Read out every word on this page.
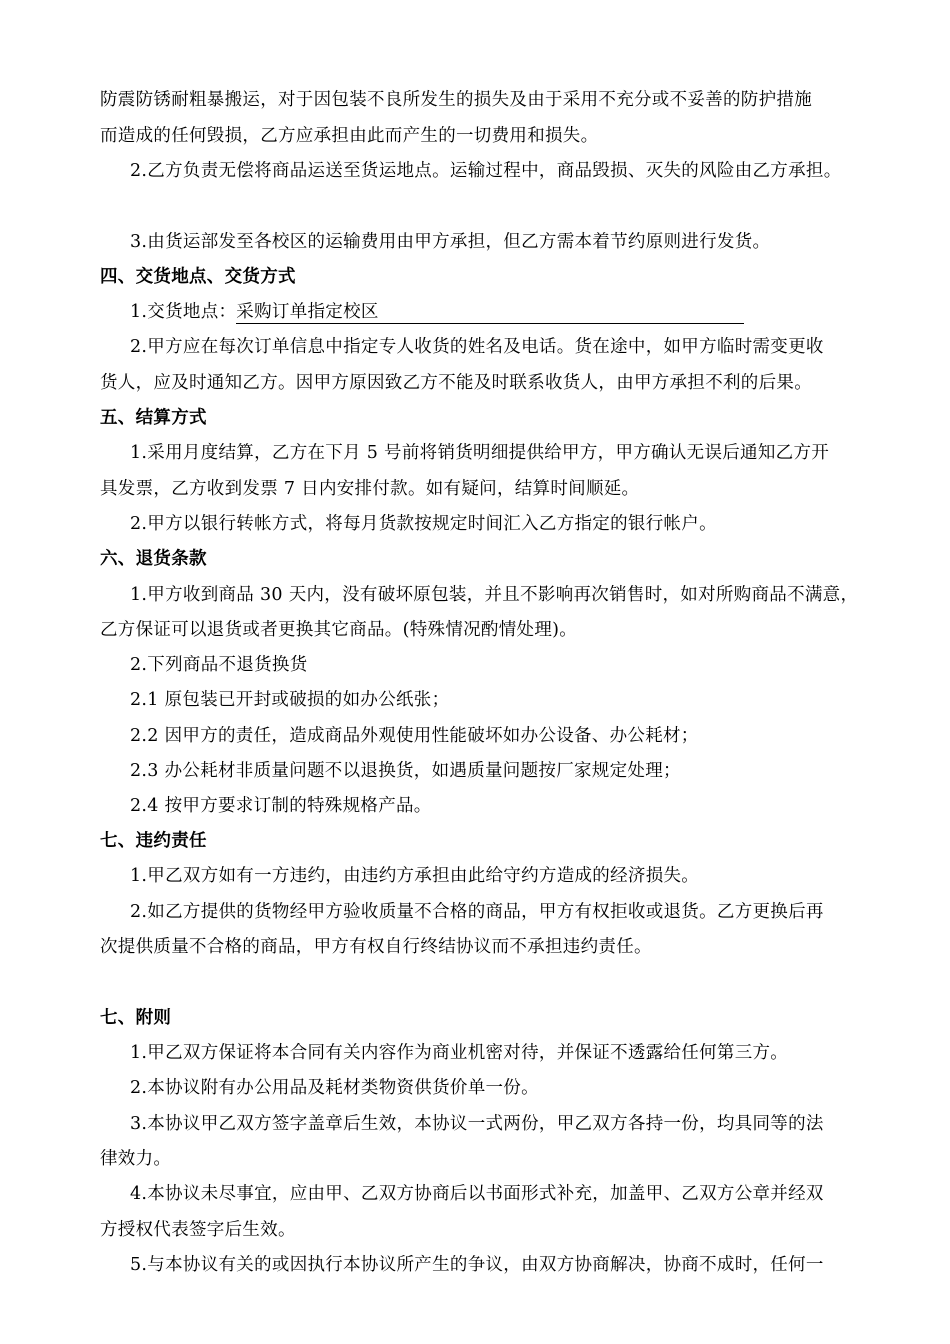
防震防锈耐粗暴搬运，对于因包装不良所发生的损失及由于采用不充分或不妥善的防护措施
而造成的任何毁损，乙方应承担由此而产生的一切费用和损失。
2.乙方负责无偿将商品运送至货运地点。运输过程中，商品毁损、灭失的风险由乙方承担。
3.由货运部发至各校区的运输费用由甲方承担，但乙方需本着节约原则进行发货。
四、交货地点、交货方式
1.交货地点：采购订单指定校区
2.甲方应在每次订单信息中指定专人收货的姓名及电话。货在途中，如甲方临时需变更收
货人，应及时通知乙方。因甲方原因致乙方不能及时联系收货人，由甲方承担不利的后果。
五、结算方式
1.采用月度结算，乙方在下月 5 号前将销货明细提供给甲方，甲方确认无误后通知乙方开
具发票，乙方收到发票 7 日内安排付款。如有疑问，结算时间顺延。
2.甲方以银行转帐方式，将每月货款按规定时间汇入乙方指定的银行帐户。
六、退货条款
1.甲方收到商品 30 天内，没有破坏原包装，并且不影响再次销售时，如对所购商品不满意，
乙方保证可以退货或者更换其它商品。(特殊情况酌情处理)。
2.下列商品不退货换货
2.1 原包装已开封或破损的如办公纸张；
2.2 因甲方的责任，造成商品外观使用性能破坏如办公设备、办公耗材；
2.3 办公耗材非质量问题不以退换货，如遇质量问题按厂家规定处理；
2.4 按甲方要求订制的特殊规格产品。
七、违约责任
1.甲乙双方如有一方违约，由违约方承担由此给守约方造成的经济损失。
2.如乙方提供的货物经甲方验收质量不合格的商品，甲方有权拒收或退货。乙方更换后再
次提供质量不合格的商品，甲方有权自行终结协议而不承担违约责任。
七、附则
1.甲乙双方保证将本合同有关内容作为商业机密对待，并保证不透露给任何第三方。
2.本协议附有办公用品及耗材类物资供货价单一份。
3.本协议甲乙双方签字盖章后生效，本协议一式两份，甲乙双方各持一份，均具同等的法
律效力。
4.本协议未尽事宜，应由甲、乙双方协商后以书面形式补充，加盖甲、乙双方公章并经双
方授权代表签字后生效。
5.与本协议有关的或因执行本协议所产生的争议，由双方协商解决，协商不成时，任何一
